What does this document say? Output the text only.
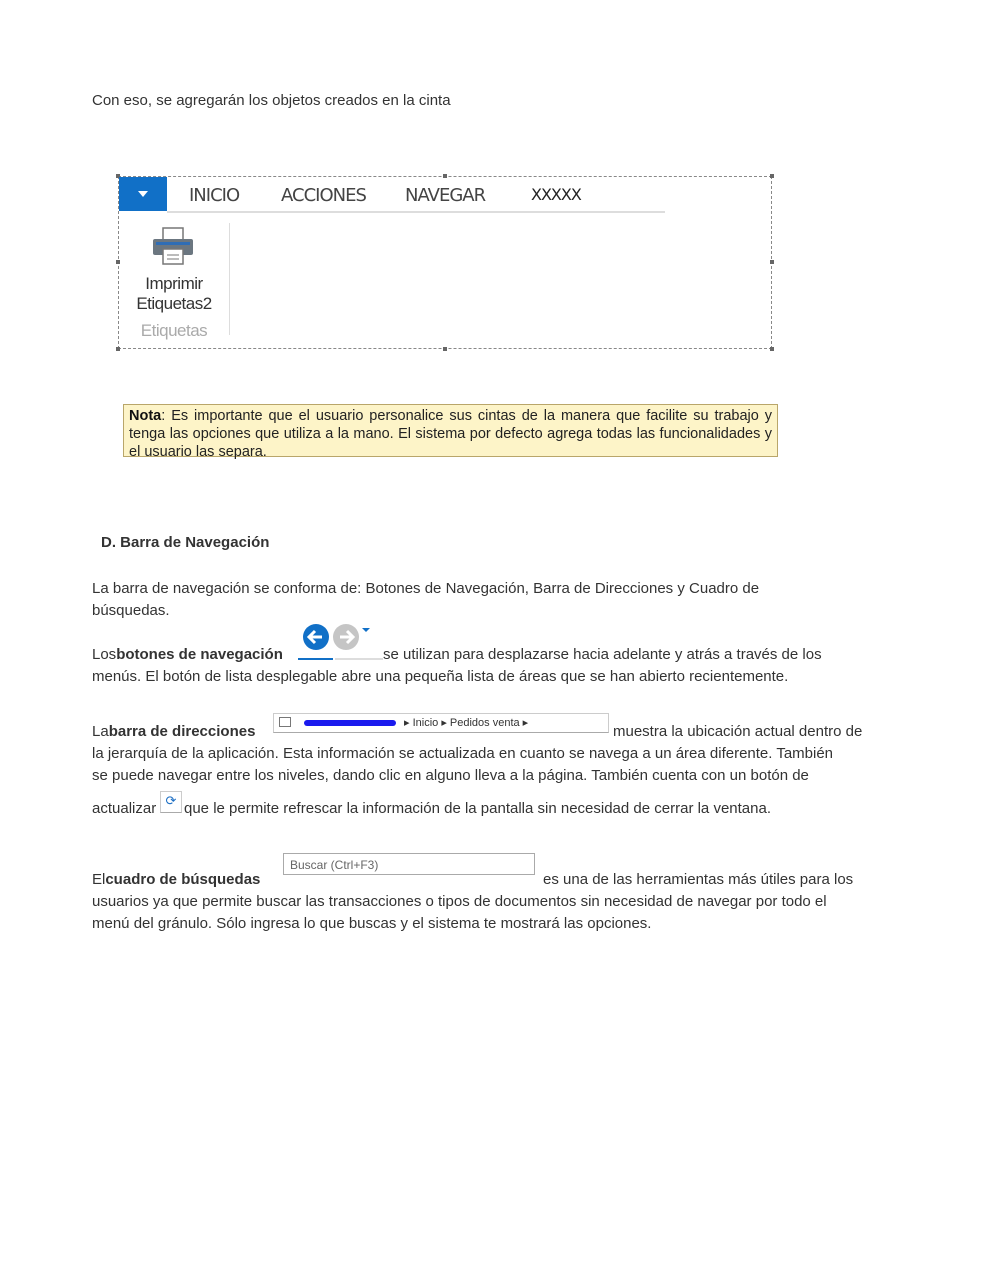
Con eso, se agregarán los objetos creados en la cinta
INICIO ACCIONES NAVEGAR	XXXXX
Imprimir
Etiquetas2
Etiquetas
Nota: Es importante que el usuario personalice sus cintas de la manera que facilite su trabajo y tenga las opciones que utiliza a la mano. El sistema por defecto agrega todas las funcionalidades y el usuario las separa.
D. Barra de Navegación
La barra de navegación se conforma de: Botones de Navegación, Barra de Direcciones y Cuadro de
búsquedas.
Losbotones de navegación	se utilizan para desplazarse hacia adelante y atrás a través de los
menús. El botón de lista desplegable abre una pequeña lista de áreas que se han abierto recientemente.
Labarra de direcciones	▸ Inicio ▸ Pedidos venta ▸	muestra la ubicación actual dentro de
la jerarquía de la aplicación. Esta información se actualizada en cuanto se navega a un área diferente. También
se puede navegar entre los niveles, dando clic en alguno lleva a la página. También cuenta con un botón de
actualizar ⟳ que le permite refrescar la información de la pantalla sin necesidad de cerrar la ventana.
Elcuadro de búsquedas
Buscar (Ctrl+F3)
es una de las herramientas más útiles para los
usuarios ya que permite buscar las transacciones o tipos de documentos sin necesidad de navegar por todo el
menú del gránulo. Sólo ingresa lo que buscas y el sistema te mostrará las opciones.
